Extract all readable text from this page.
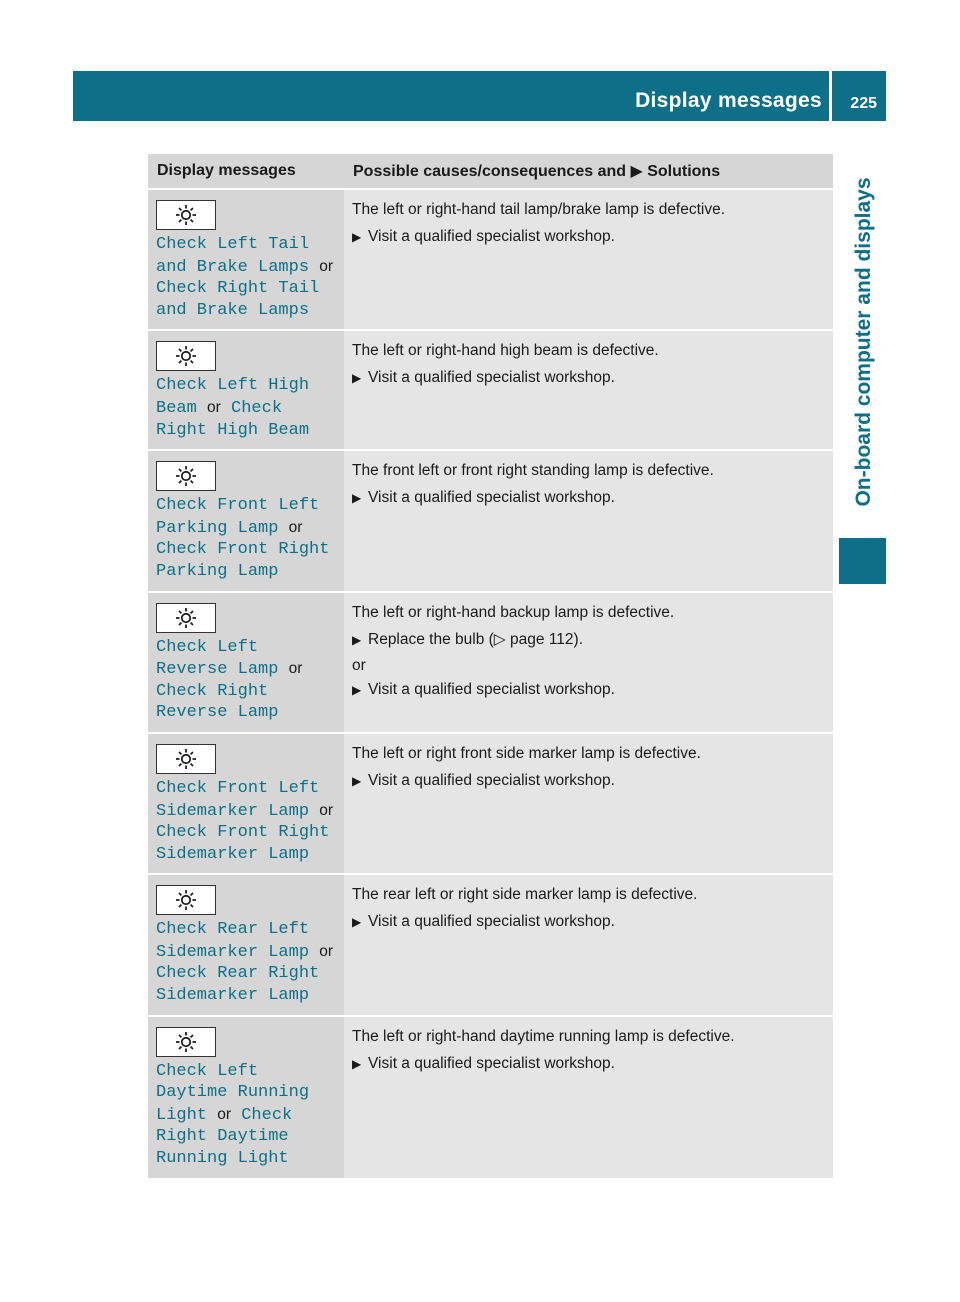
Display messages 225
On-board computer and displays
Display messages	Possible causes/consequences and ▶ Solutions

Check Left Tail and Brake Lamps or Check Right Tail and Brake Lamps	The left or right-hand tail lamp/brake lamp is defective.
▶ Visit a qualified specialist workshop.

Check Left High Beam or Check Right High Beam	The left or right-hand high beam is defective.
▶ Visit a qualified specialist workshop.

Check Front Left Parking Lamp or Check Front Right Parking Lamp	The front left or front right standing lamp is defective.
▶ Visit a qualified specialist workshop.

Check Left Reverse Lamp or Check Right Reverse Lamp	The left or right-hand backup lamp is defective.
▶ Replace the bulb (▷ page 112).
or
▶ Visit a qualified specialist workshop.

Check Front Left Sidemarker Lamp or Check Front Right Sidemarker Lamp	The left or right front side marker lamp is defective.
▶ Visit a qualified specialist workshop.

Check Rear Left Sidemarker Lamp or Check Rear Right Sidemarker Lamp	The rear left or right side marker lamp is defective.
▶ Visit a qualified specialist workshop.

Check Left Daytime Running Light or Check Right Daytime Running Light	The left or right-hand daytime running lamp is defective.
▶ Visit a qualified specialist workshop.
